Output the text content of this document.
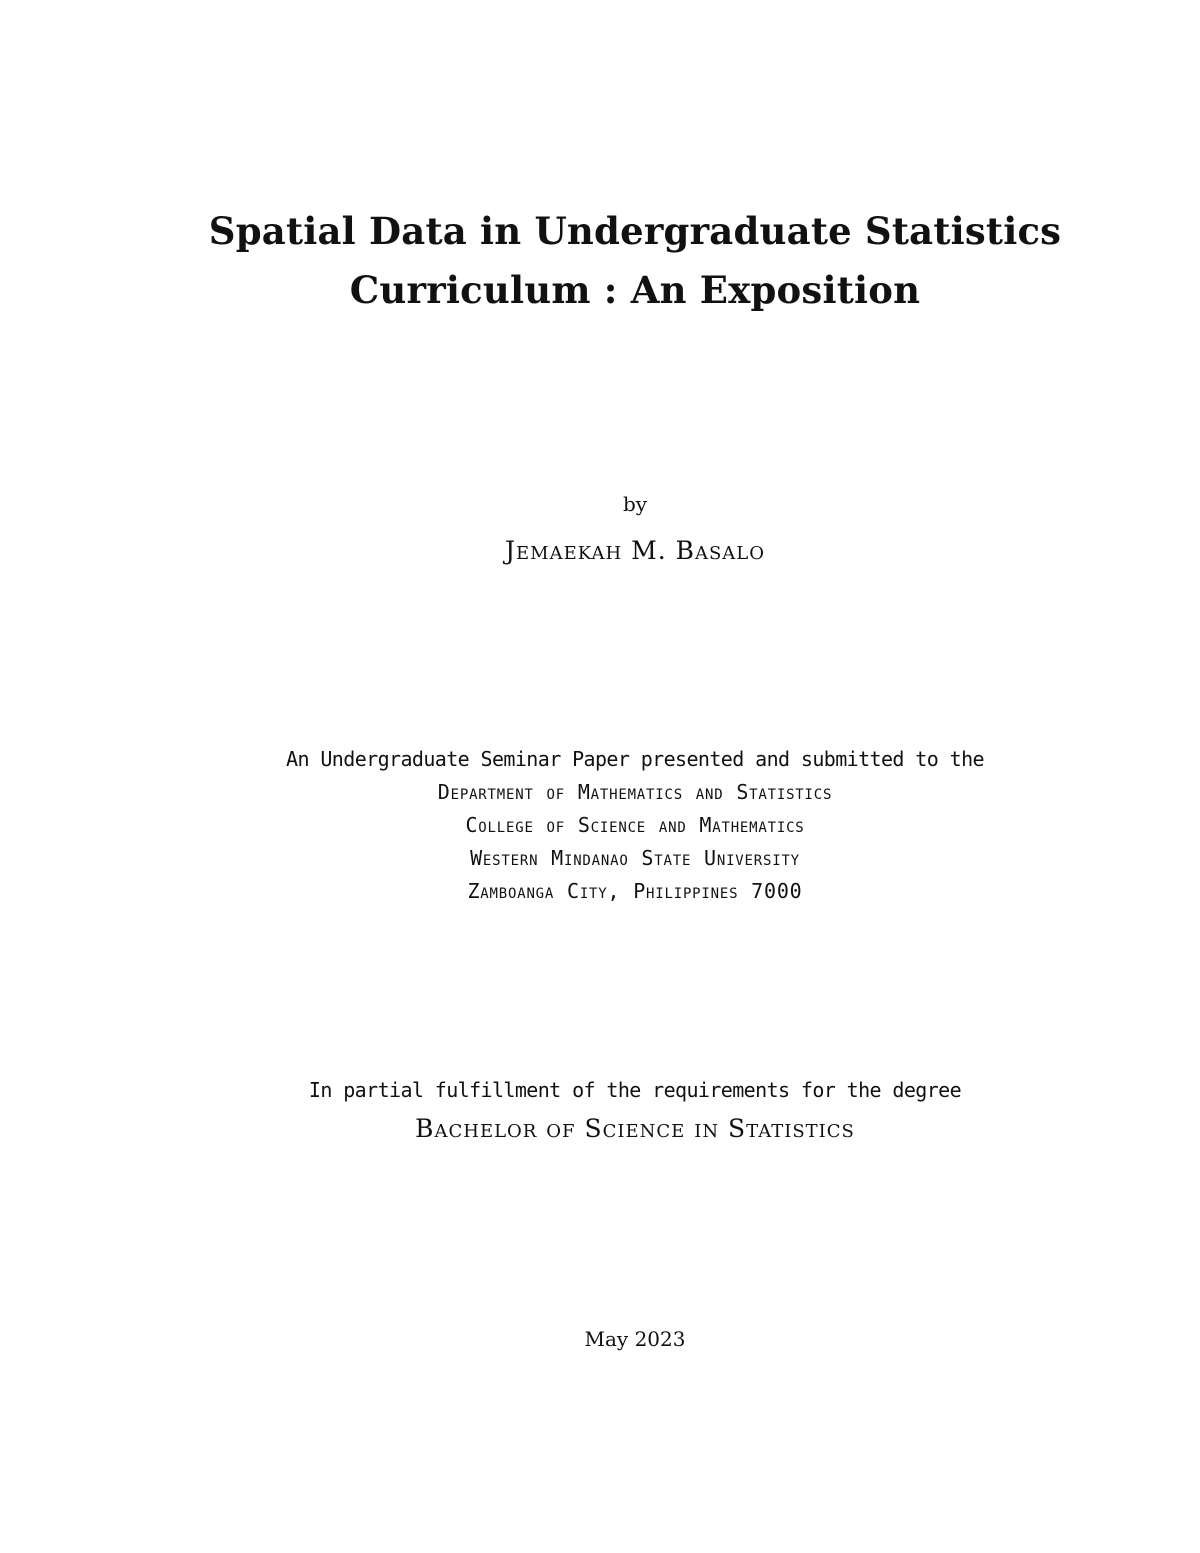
Spatial Data in Undergraduate Statistics
Curriculum : An Exposition
by
Jemaekah M. Basalo
An Undergraduate Seminar Paper presented and submitted to the
Department of Mathematics and Statistics
College of Science and Mathematics
Western Mindanao State University
Zamboanga City, Philippines 7000
In partial fulfillment of the requirements for the degree
Bachelor of Science in Statistics
May 2023
